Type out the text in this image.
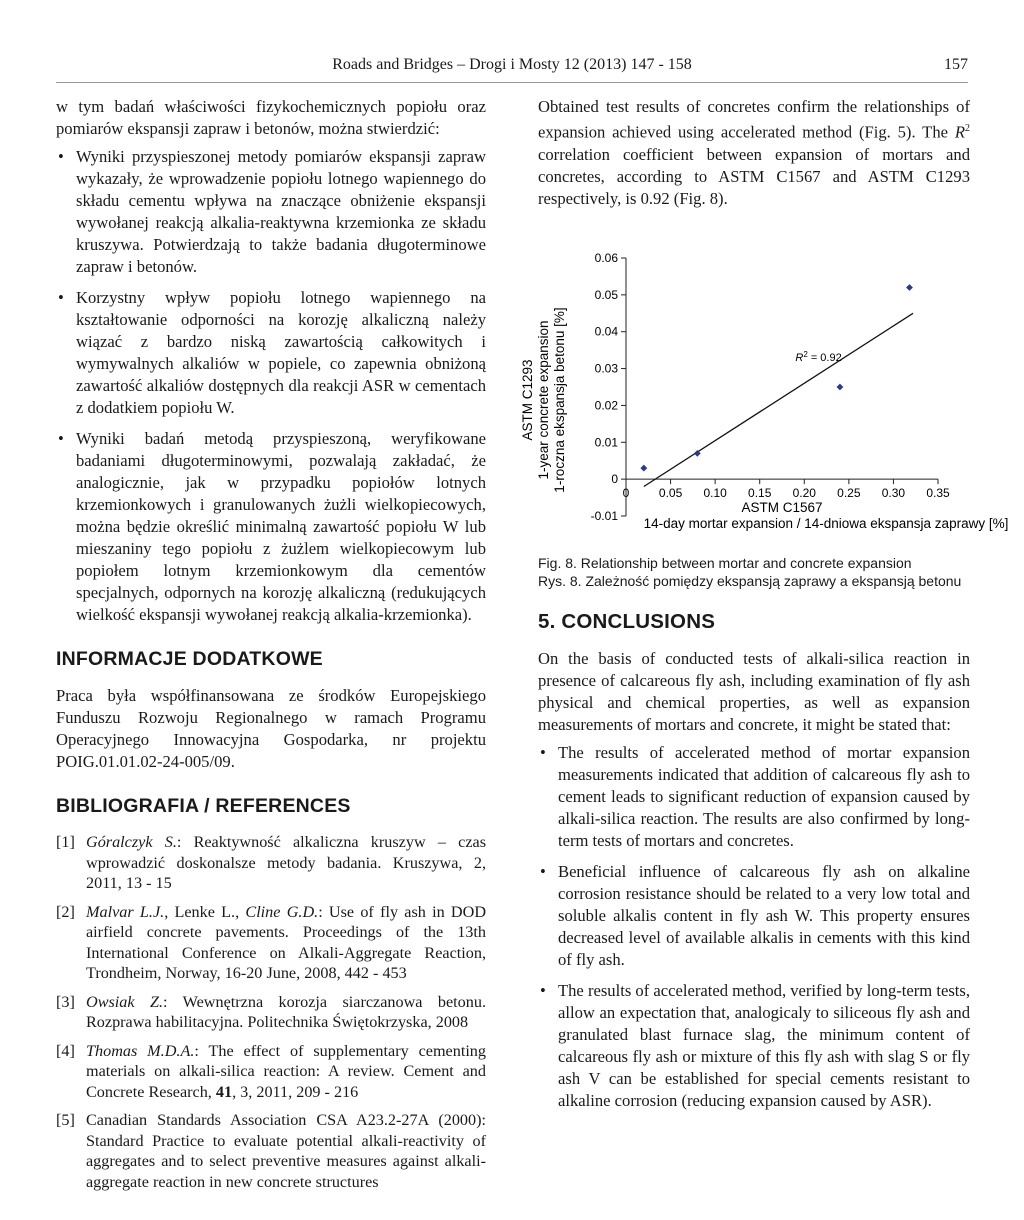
Roads and Bridges – Drogi i Mosty 12 (2013) 147 - 158	157

w tym badań właściwości fizykochemicznych popiołu oraz pomiarów ekspansji zapraw i betonów, można stwierdzić:

• Wyniki przyspieszonej metody pomiarów ekspansji zapraw wykazały, że wprowadzenie popiołu lotnego wapiennego do składu cementu wpływa na znaczące obniżenie ekspansji wywołanej reakcją alkalia-reaktywna krzemionka ze składu kruszywa. Potwierdzają to także badania długoterminowe zapraw i betonów.
• Korzystny wpływ popiołu lotnego wapiennego na kształtowanie odporności na korozję alkaliczną należy wiązać z bardzo niską zawartością całkowitych i wymywalnych alkaliów w popiele, co zapewnia obniżoną zawartość alkaliów dostępnych dla reakcji ASR w cementach z dodatkiem popiołu W.
• Wyniki badań metodą przyspieszoną, weryfikowane badaniami długoterminowymi, pozwalają zakładać, że analogicznie, jak w przypadku popiołów lotnych krzemionkowych i granulowanych żużli wielkopiecowych, można będzie określić minimalną zawartość popiołu W lub mieszaniny tego popiołu z żużlem wielkopiecowym lub popiołem lotnym krzemionkowym dla cementów specjalnych, odpornych na korozję alkaliczną (redukujących wielkość ekspansji wywołanej reakcją alkalia-krzemionka).
INFORMACJE DODATKOWE

Praca była współfinansowana ze środków Europejskiego Funduszu Rozwoju Regionalnego w ramach Programu Operacyjnego Innowacyjna Gospodarka, nr projektu POIG.01.01.02-24-005/09.

BIBLIOGRAFIA / REFERENCES
[1] Góralczyk S.: Reaktywność alkaliczna kruszyw – czas wprowadzić doskonalsze metody badania. Kruszywa, 2, 2011, 13 - 15
[2] Malvar L.J., Lenke L., Cline G.D.: Use of fly ash in DOD airfield concrete pavements. Proceedings of the 13th International Conference on Alkali-Aggregate Reaction, Trondheim, Norway, 16-20 June, 2008, 442 - 453
[3] Owsiak Z.: Wewnętrzna korozja siarczanowa betonu. Rozprawa habilitacyjna. Politechnika Świętokrzyska, 2008
[4] Thomas M.D.A.: The effect of supplementary cementing materials on alkali-silica reaction: A review. Cement and Concrete Research, 41, 3, 2011, 209 - 216
[5] Canadian Standards Association CSA A23.2-27A (2000): Standard Practice to evaluate potential alkali-reactivity of aggregates and to select preventive measures against alkali-aggregate reaction in new concrete structures

Obtained test results of concretes confirm the relationships of expansion achieved using accelerated method (Fig. 5). The $R^2$ correlation coefficient between expansion of mortars and concretes, according to ASTM C1567 and ASTM C1293 respectively, is 0.92 (Fig. 8).

ASTM C1293 1-year concrete expansion 1-roczna ekspansja betonu [%]
-0.01
0
0.01
0.02
0.03
0.04
0.05
0.06
0 0.05 0.10 0.15 0.20 0.25 0.30 0.35
$R^2 = 0.92$
ASTM C1567
14-day mortar expansion / 14-dniowa ekspansja zaprawy [%]

Fig. 8. Relationship between mortar and concrete expansion

Rys. 8. Zależność pomiędzy ekspansją zaprawy a ekspansją betonu

5. CONCLUSIONS

On the basis of conducted tests of alkali-silica reaction in presence of calcareous fly ash, including examination of fly ash physical and chemical properties, as well as expansion measurements of mortars and concrete, it might be stated that:

• The results of accelerated method of mortar expansion measurements indicated that addition of calcareous fly ash to cement leads to significant reduction of expansion caused by alkali-silica reaction. The results are also confirmed by long-term tests of mortars and concretes.
• Beneficial influence of calcareous fly ash on alkaline corrosion resistance should be related to a very low total and soluble alkalis content in fly ash W. This property ensures decreased level of available alkalis in cements with this kind of fly ash.
• The results of accelerated method, verified by long-term tests, allow an expectation that, analogicaly to siliceous fly ash and granulated blast furnace slag, the minimum content of calcareous fly ash or mixture of this fly ash with slag S or fly ash V can be established for special cements resistant to alkaline corrosion (reducing expansion caused by ASR).
